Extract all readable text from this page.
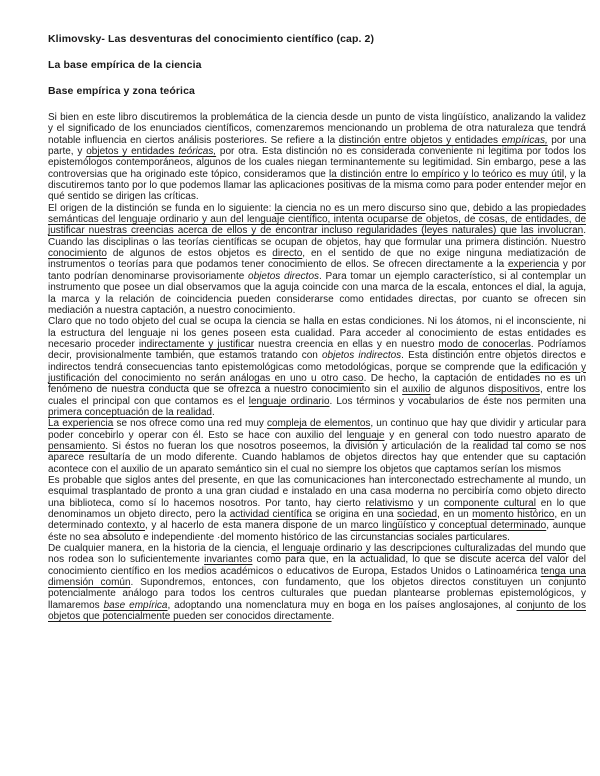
Klimovsky- Las desventuras del conocimiento científico (cap. 2)
La base empírica de la ciencia
Base empírica y zona teórica

Si bien en este libro discutiremos la problemática de la ciencia desde un punto de vista lingüístico, analizando la validez y el significado de los enunciados científicos, comenzaremos mencionando un problema de otra naturaleza que tendrá notable influencia en ciertos análisis posteriores. Se refiere a la distinción entre objetos y entidades empíricas, por una parte, y objetos y entidades teóricas, por otra. Esta distinción no es considerada conveniente ni legitima por todos los epistemólogos contemporáneos, algunos de los cuales niegan terminantemente su legitimidad. Sin embargo, pese a las controversias que ha originado este tópico, consideramos que la distinción entre lo empírico y lo teórico es muy útil, y la discutiremos tanto por lo que podemos llamar las aplicaciones positivas de la misma como para poder entender mejor en qué sentido se dirigen las críticas.

El origen de la distinción se funda en lo siguiente: la ciencia no es un mero discurso sino que, debido a las propiedades semánticas del lenguaje ordinario y aun del lenguaje científico, intenta ocuparse de objetos, de cosas, de entidades, de justificar nuestras creencias acerca de ellos y de encontrar incluso regularidades (leyes naturales) que las involucran. Cuando las disciplinas o las teorías científicas se ocupan de objetos, hay que formular una primera distinción. Nuestro conocimiento de algunos de estos objetos es directo, en el sentido de que no exige ninguna mediatización de instrumentos o teorías para que podamos tener conocimiento de ellos. Se ofrecen directamente a la experiencia y por tanto podrían denominarse provisoriamente objetos directos. Para tomar un ejemplo característico, si al contemplar un instrumento que posee un dial observamos que la aguja coincide con una marca de la escala, entonces el dial, la aguja, la marca y la relación de coincidencia pueden considerarse como entidades directas, por cuanto se ofrecen sin mediación a nuestra captación, a nuestro conocimiento.

Claro que no todo objeto del cual se ocupa la ciencia se halla en estas condiciones. Ni los átomos, ni el inconsciente, ni la estructura del lenguaje ni los genes poseen esta cualidad. Para acceder al conocimiento de estas entidades es necesario proceder indirectamente y justificar nuestra creencia en ellas y en nuestro modo de conocerlas. Podríamos decir, provisionalmente también, que estamos tratando con objetos indirectos. Esta distinción entre objetos directos e indirectos tendrá consecuencias tanto epistemológicas como metodológicas, porque se comprende que la edificación y justificación del conocimiento no serán análogas en uno u otro caso. De hecho, la captación de entidades no es un fenómeno de nuestra conducta que se ofrezca a nuestro conocimiento sin el auxilio de algunos dispositivos, entre los cuales el principal con que contamos es el lenguaje ordinario. Los términos y vocabularios de éste nos permiten una primera conceptuación de la realidad.

La experiencia se nos ofrece como una red muy compleja de elementos, un continuo que hay que dividir y articular para poder concebirlo y operar con él. Esto se hace con auxilio del lenguaje y en general con todo nuestro aparato de pensamiento. Si éstos no fueran los que nosotros poseemos, la división y articulación de la realidad tal como se nos aparece resultaría de un modo diferente. Cuando hablamos de objetos directos hay que entender que su captación acontece con el auxilio de un aparato semántico sin el cual no siempre los objetos que captamos serían los mismos

Es probable que siglos antes del presente, en que las comunicaciones han interconectado estrechamente al mundo, un esquimal trasplantado de pronto a una gran ciudad e instalado en una casa moderna no percibiría como objeto directo una biblioteca, como sí lo hacemos nosotros. Por tanto, hay cierto relativismo y un componente cultural en lo que denominamos un objeto directo, pero la actividad científica se origina en una sociedad, en un momento histórico, en un determinado contexto, y al hacerlo de esta manera dispone de un marco lingüístico y conceptual determinado, aunque éste no sea absoluto e independiente ·del momento histórico de las circunstancias sociales particulares.

De cualquier manera, en la historia de la ciencia, el lenguaje ordinario y las descripciones culturalizadas del mundo que nos rodea son lo suficientemente invariantes como para que, en la actualidad, lo que se discute acerca del valor del conocimiento científico en los medios académicos o educativos de Europa, Estados Unidos o Latinoamérica tenga una dimensión común. Supondremos, entonces, con fundamento, que los objetos directos constituyen un conjunto potencialmente análogo para todos los centros culturales que puedan plantearse problemas epistemológicos, y llamaremos base empírica, adoptando una nomenclatura muy en boga en los países anglosajones, al conjunto de los objetos que potencialmente pueden ser conocidos directamente.
